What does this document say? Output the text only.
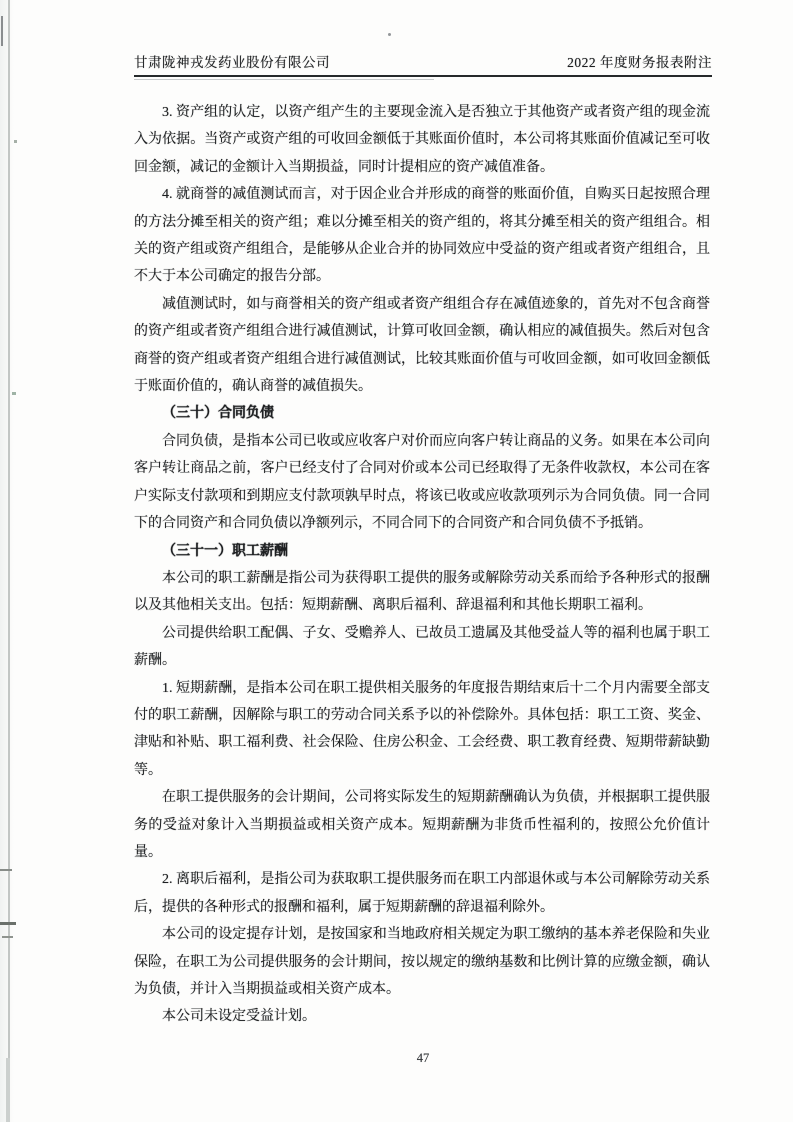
甘肃陇神戎发药业股份有限公司	2022 年度财务报表附注
3. 资产组的认定，以资产组产生的主要现金流入是否独立于其他资产或者资产组的现金流入为依据。当资产或资产组的可收回金额低于其账面价值时，本公司将其账面价值减记至可收回金额，减记的金额计入当期损益，同时计提相应的资产减值准备。
4. 就商誉的减值测试而言，对于因企业合并形成的商誉的账面价值，自购买日起按照合理的方法分摊至相关的资产组；难以分摊至相关的资产组的，将其分摊至相关的资产组组合。相关的资产组或资产组组合，是能够从企业合并的协同效应中受益的资产组或者资产组组合，且不大于本公司确定的报告分部。
减值测试时，如与商誉相关的资产组或者资产组组合存在减值迹象的，首先对不包含商誉的资产组或者资产组组合进行减值测试，计算可收回金额，确认相应的减值损失。然后对包含商誉的资产组或者资产组组合进行减值测试，比较其账面价值与可收回金额，如可收回金额低于账面价值的，确认商誉的减值损失。
（三十）合同负债
合同负债，是指本公司已收或应收客户对价而应向客户转让商品的义务。如果在本公司向客户转让商品之前，客户已经支付了合同对价或本公司已经取得了无条件收款权，本公司在客户实际支付款项和到期应支付款项孰早时点，将该已收或应收款项列示为合同负债。同一合同下的合同资产和合同负债以净额列示，不同合同下的合同资产和合同负债不予抵销。
（三十一）职工薪酬
本公司的职工薪酬是指公司为获得职工提供的服务或解除劳动关系而给予各种形式的报酬以及其他相关支出。包括：短期薪酬、离职后福利、辞退福利和其他长期职工福利。
公司提供给职工配偶、子女、受赡养人、已故员工遗属及其他受益人等的福利也属于职工薪酬。
1. 短期薪酬，是指本公司在职工提供相关服务的年度报告期结束后十二个月内需要全部支付的职工薪酬，因解除与职工的劳动合同关系予以的补偿除外。具体包括：职工工资、奖金、津贴和补贴、职工福利费、社会保险、住房公积金、工会经费、职工教育经费、短期带薪缺勤等。
在职工提供服务的会计期间，公司将实际发生的短期薪酬确认为负债，并根据职工提供服务的受益对象计入当期损益或相关资产成本。短期薪酬为非货币性福利的，按照公允价值计量。
2. 离职后福利，是指公司为获取职工提供服务而在职工内部退休或与本公司解除劳动关系后，提供的各种形式的报酬和福利，属于短期薪酬的辞退福利除外。
本公司的设定提存计划，是按国家和当地政府相关规定为职工缴纳的基本养老保险和失业保险，在职工为公司提供服务的会计期间，按以规定的缴纳基数和比例计算的应缴金额，确认为负债，并计入当期损益或相关资产成本。
本公司未设定受益计划。
47
